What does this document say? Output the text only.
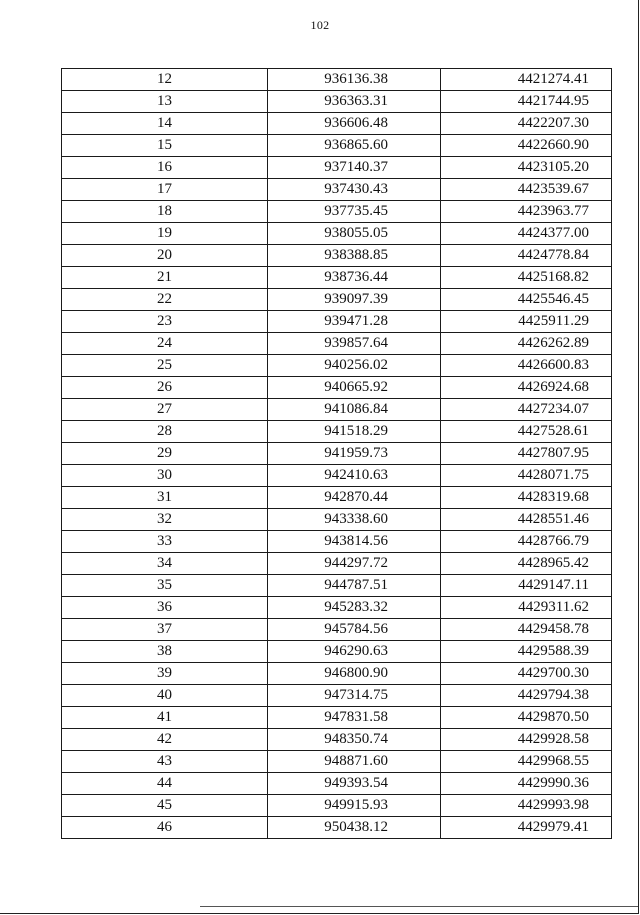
102
12	936136.38	4421274.41
13	936363.31	4421744.95
14	936606.48	4422207.30
15	936865.60	4422660.90
16	937140.37	4423105.20
17	937430.43	4423539.67
18	937735.45	4423963.77
19	938055.05	4424377.00
20	938388.85	4424778.84
21	938736.44	4425168.82
22	939097.39	4425546.45
23	939471.28	4425911.29
24	939857.64	4426262.89
25	940256.02	4426600.83
26	940665.92	4426924.68
27	941086.84	4427234.07
28	941518.29	4427528.61
29	941959.73	4427807.95
30	942410.63	4428071.75
31	942870.44	4428319.68
32	943338.60	4428551.46
33	943814.56	4428766.79
34	944297.72	4428965.42
35	944787.51	4429147.11
36	945283.32	4429311.62
37	945784.56	4429458.78
38	946290.63	4429588.39
39	946800.90	4429700.30
40	947314.75	4429794.38
41	947831.58	4429870.50
42	948350.74	4429928.58
43	948871.60	4429968.55
44	949393.54	4429990.36
45	949915.93	4429993.98
46	950438.12	4429979.41
